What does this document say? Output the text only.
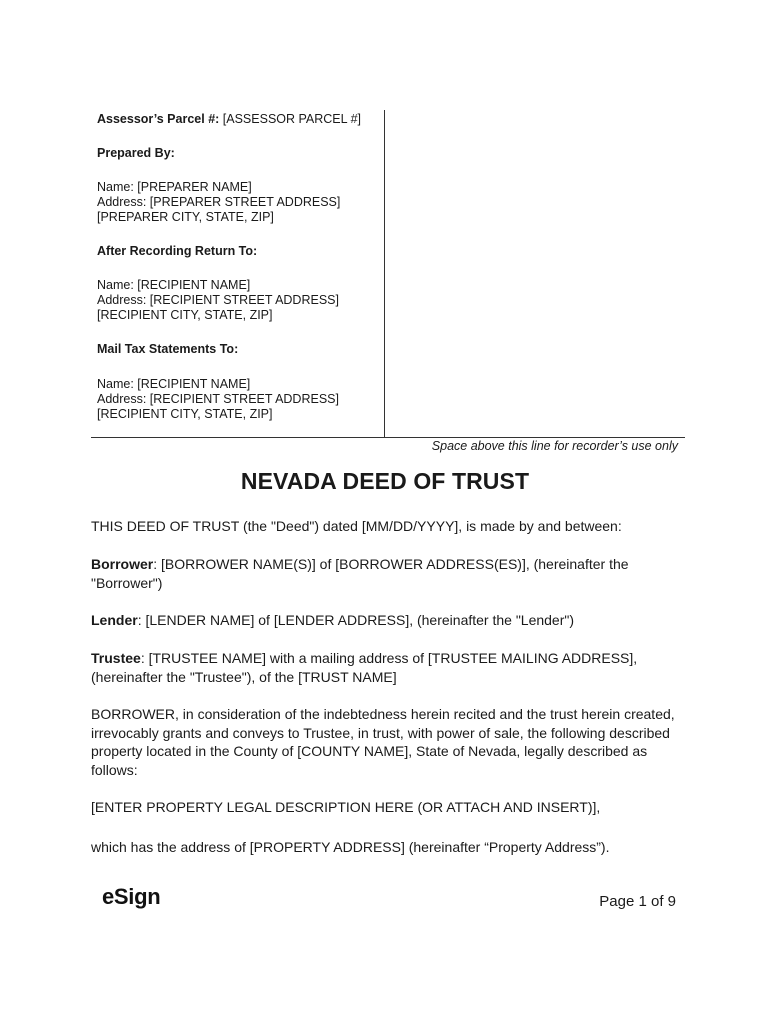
Assessor’s Parcel #: [ASSESSOR PARCEL #]
Prepared By:
Name: [PREPARER NAME]
Address: [PREPARER STREET ADDRESS]
[PREPARER CITY, STATE, ZIP]
After Recording Return To:
Name: [RECIPIENT NAME]
Address: [RECIPIENT STREET ADDRESS]
[RECIPIENT CITY, STATE, ZIP]
Mail Tax Statements To:
Name: [RECIPIENT NAME]
Address: [RECIPIENT STREET ADDRESS]
[RECIPIENT CITY, STATE, ZIP]
Space above this line for recorder’s use only
NEVADA DEED OF TRUST
THIS DEED OF TRUST (the "Deed") dated [MM/DD/YYYY], is made by and between:
Borrower: [BORROWER NAME(S)] of [BORROWER ADDRESS(ES)], (hereinafter the "Borrower")
Lender: [LENDER NAME] of [LENDER ADDRESS], (hereinafter the "Lender")
Trustee: [TRUSTEE NAME] with a mailing address of [TRUSTEE MAILING ADDRESS], (hereinafter the "Trustee"), of the [TRUST NAME]
BORROWER, in consideration of the indebtedness herein recited and the trust herein created, irrevocably grants and conveys to Trustee, in trust, with power of sale, the following described property located in the County of [COUNTY NAME], State of Nevada, legally described as follows:
[ENTER PROPERTY LEGAL DESCRIPTION HERE (OR ATTACH AND INSERT)],
which has the address of [PROPERTY ADDRESS] (hereinafter “Property Address”).
eSign	Page 1 of 9
